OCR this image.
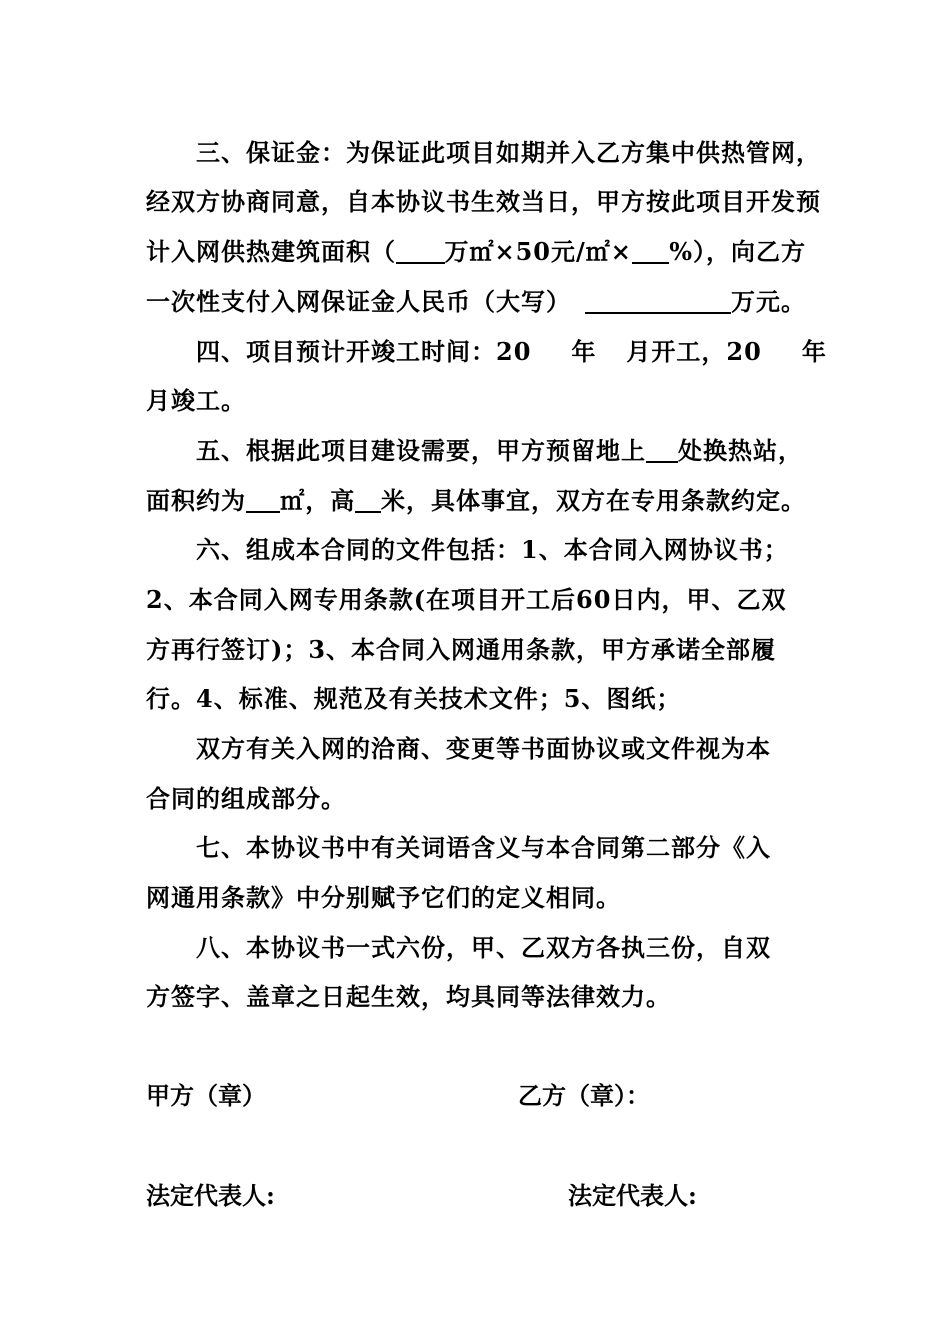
三、保证金：为保证此项目如期并入乙方集中供热管网，

经双方协商同意，自本协议书生效当日，甲方按此项目开发预

计入网供热建筑面积（ 万㎡×50元/㎡× %），向乙方

一次性支付入网保证金人民币（大写）	万元。

四、项目预计开竣工时间：20 年 月开工，20 年

月竣工。

五、根据此项目建设需要，甲方预留地上 处换热站，

面积约为 ㎡，高 米，具体事宜，双方在专用条款约定。

六、组成本合同的文件包括：1、本合同入网协议书；

2、本合同入网专用条款(在项目开工后60日内，甲、乙双

方再行签订)；3、本合同入网通用条款，甲方承诺全部履

行。4、标准、规范及有关技术文件；5、图纸；

双方有关入网的洽商、变更等书面协议或文件视为本

合同的组成部分。

七、本协议书中有关词语含义与本合同第二部分《入

网通用条款》中分别赋予它们的定义相同。

八、本协议书一式六份，甲、乙双方各执三份，自双

方签字、盖章之日起生效，均具同等法律效力。

甲方（章）	乙方（章）：
法定代表人:	法定代表人:
